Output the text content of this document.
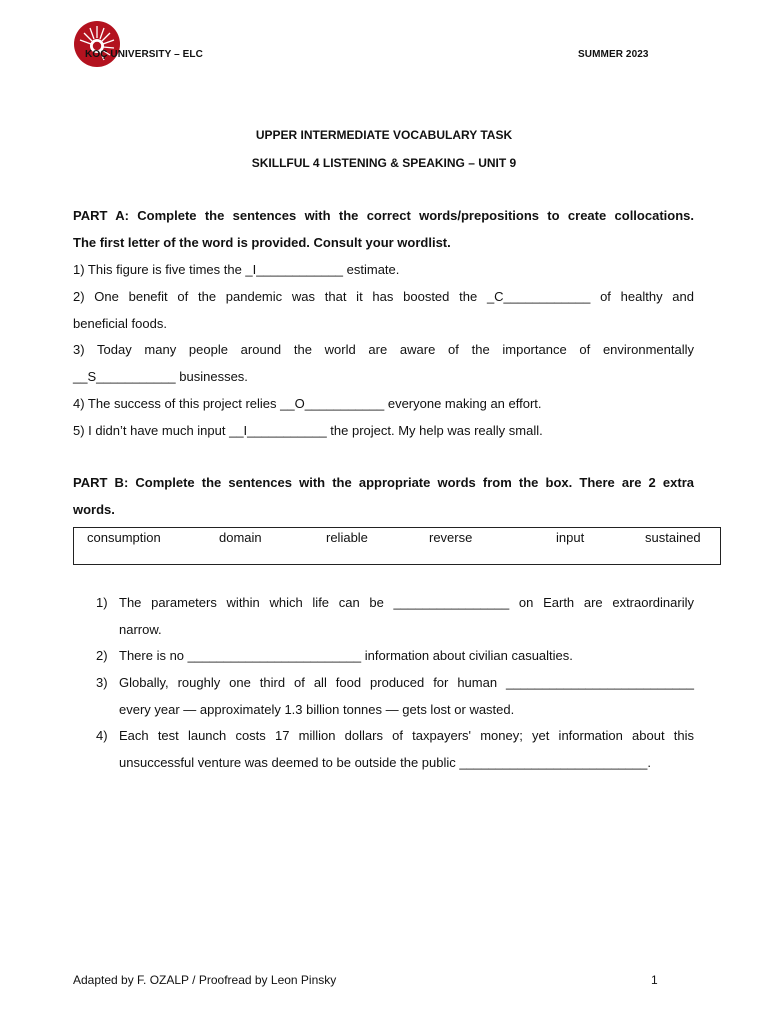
KOÇ UNIVERSITY – ELC	SUMMER 2023
UPPER INTERMEDIATE VOCABULARY TASK
SKILLFUL 4 LISTENING & SPEAKING – UNIT 9
PART A: Complete the sentences with the correct words/prepositions to create collocations.
The first letter of the word is provided. Consult your wordlist.
1) This figure is five times the _I____________ estimate.
2) One benefit of the pandemic was that it has boosted the _C____________ of healthy and
beneficial foods.
3) Today many people around the world are aware of the importance of environmentally
__S___________ businesses.
4) The success of this project relies __O___________ everyone making an effort.
5) I didn’t have much input __I___________ the project. My help was really small.
PART B: Complete the sentences with the appropriate words from the box. There are 2 extra
words.
consumption	domain	reliable	reverse	input	sustained
1) The parameters within which life can be ________________ on Earth are extraordinarily
narrow.
2) There is no ________________________ information about civilian casualties.
3) Globally, roughly one third of all food produced for human __________________________
every year — approximately 1.3 billion tonnes — gets lost or wasted.
4) Each test launch costs 17 million dollars of taxpayers' money; yet information about this
unsuccessful venture was deemed to be outside the public __________________________.
Adapted by F. OZALP / Proofread by Leon Pinsky	1
